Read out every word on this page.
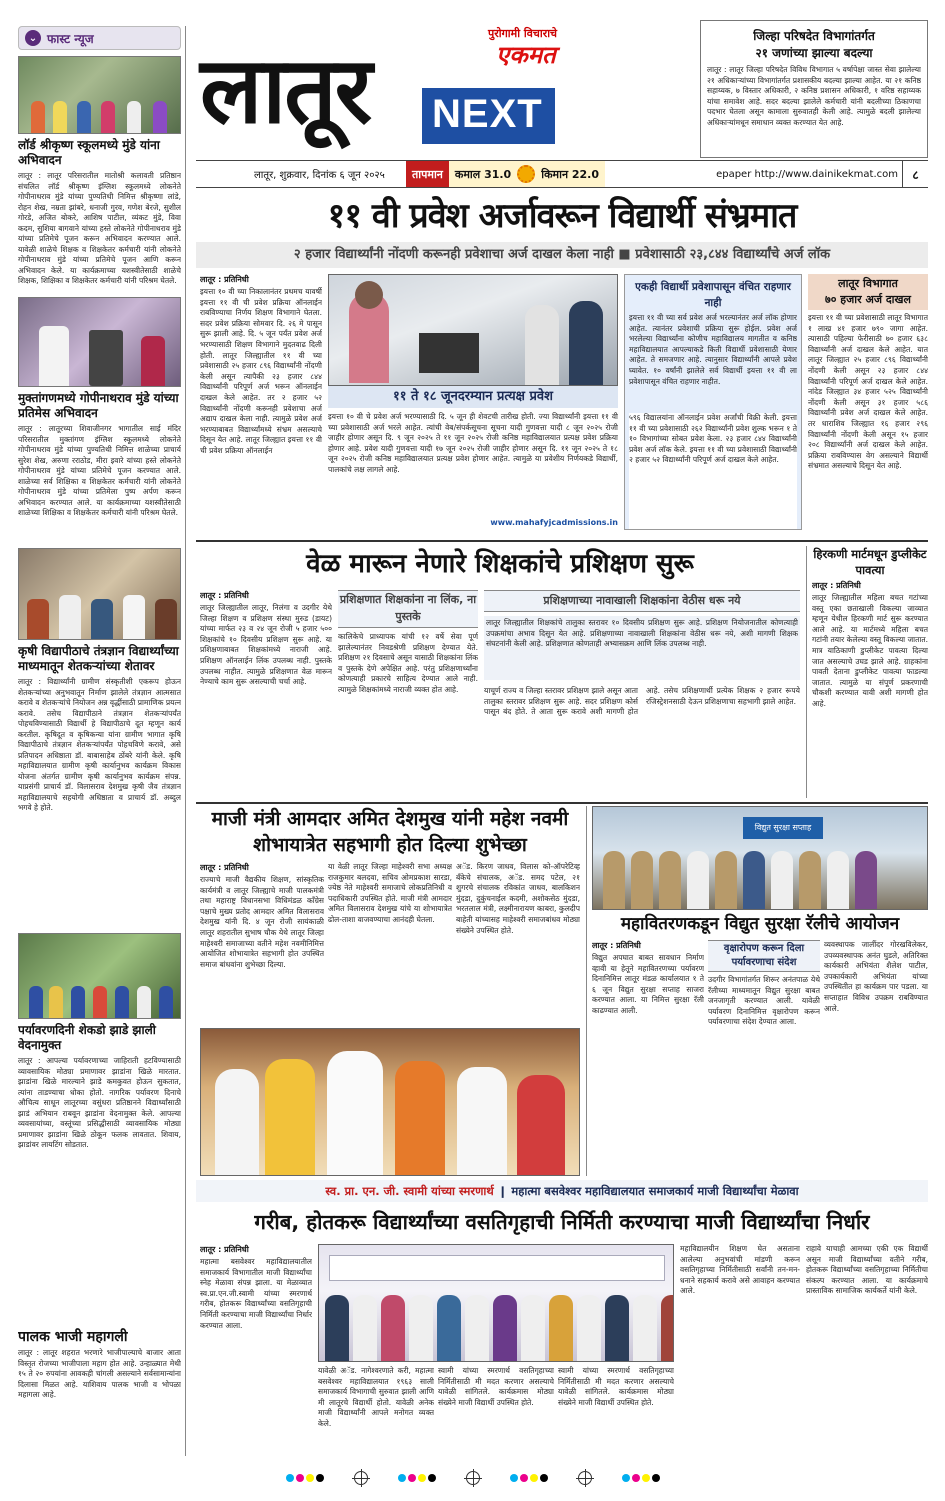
⌄ फास्ट न्यूज
लॉर्ड श्रीकृष्ण स्कूलमध्ये मुंडे यांना अभिवादन
लातूर : लातूर परिसरातील मातोश्री कलावती प्रतिष्ठान संचलित लॉर्ड श्रीकृष्ण इंग्लिश स्कूलमध्ये लोकनेते गोपीनाथराव मुंडे यांच्या पुण्यतिथी निमित्त श्रीकृष्णा लांडे, रोहन शेख, नम्रता झांबरे, धनाजी गुरव, गणेश बेरजे, सुशील गोरडे, अजित बोकरे, आशिष पाटील, व्यंकट मुंडे, विवा कदम, सुशिया बागवाने यांच्या हस्ते लोकनेते गोपीनाथराव मुंडे यांच्या प्रतिमेचे पूजन करून अभिवादन करण्यात आले. यावेळी शाळेचे शिक्षक व शिक्षकेतर कर्मचारी यांनी लोकनेते गोपीनाथराव मुंडे यांच्या प्रतिमेचे पूजन आणि करून अभिवादन केले. या कार्यक्रमाच्या यशस्वीतेसाठी शाळेचे शिक्षक, शिक्षिका व शिक्षकेतर कर्मचारी यांनी परिश्रम घेतले.
मुक्तांगणमध्ये गोपीनाथराव मुंडे यांच्या प्रतिमेस अभिवादन
लातूर : लातूरच्या शिवाजीनगर भागातील साई मंदिर परिसरातील मुक्तांगण इंग्लिश स्कूलमध्ये लोकनेते गोपीनाथराव मुंडे यांच्या पुण्यतिथी निमित्त शाळेच्या प्राचार्य सुरेश शेख, अरुणा रराठोड, मीरा इवारे यांच्या हस्ते लोकनेते गोपीनाथराव मुंडे यांच्या प्रतिमेचे पूजन करण्यात आले. शाळेच्या सर्व शिक्षिका व शिक्षकेतर कर्मचारी यांनी लोकनेते गोपीनाथराव मुंडे यांच्या प्रतिमेला पुष्प अर्पण करून अभिवादन करण्यात आले. या कार्यक्रमाच्या यशस्वीतेसाठी शाळेच्या शिक्षिका व शिक्षकेतर कर्मचारी यांनी परिश्रम घेतले.
कृषी विद्यापीठाचे तंत्रज्ञान विद्यार्थ्यांच्या माध्यमातून शेतकऱ्यांच्या शेतावर
लातूर : विद्यार्थ्यांनी ग्रामीण संस्कृतीशी एकरूप होऊन शेतकऱ्यांच्या अनुभवातून निर्माण झालेले तंत्रज्ञान आत्मसात करावे व शेतकऱ्यांचे नियोजन अन्न वृद्धींसाठी प्रामाणिक प्रयत्न करावे. तसेच विद्यापीठाने तंत्रज्ञान शेतकऱ्यांपर्यंत पोहचविण्यासाठी विद्यार्थी हे विद्यापीठाचे दूत म्हणून कार्य करतील. कृषिदूत व कृषिकन्या यांना ग्रामीण भागात कृषि विद्यापीठाचे तंत्रज्ञान शेतकऱ्यांपर्यंत पोहचविणे करावे, असे प्रतिपादन अधिष्ठाता डॉ. बाबासाहेब ठोंबरे यांनी केले. कृषि महाविद्यालयात ग्रामीण कृषी कार्यानुभव कार्यक्रम विकास योजना अंतर्गत ग्रामीण कृषी कार्यानुभव कार्यक्रम संपन्न. याप्रसंगी प्राचार्य डॉ. विलासराव देशमुख कृषी जैव तंत्रज्ञान महाविद्यालयाचे सहयोगी अधिष्ठाता व प्राचार्य डॉ. अब्दुल भगवे हे होते.
पर्यावरणदिनी शेकडो झाडे झाली वेदनामुक्त
लातूर : आपल्या पर्यावरणाच्या जाहिराती हटविण्यासाठी व्यावसायिक मोठ्या प्रमाणावर झाडांना खिळे मारतात. झाडांना खिळे मारल्याने झाडे कमकुवत होऊन सुकतात, त्यांना ताडण्याचा धोका होतो. नागरिक पर्यावरण दिनाचे औचित्य साधून लातूरच्या वसुंधरा प्रतिष्ठानने विद्यार्थ्यांसाठी झाडं अभियान राबवून झाडांना वेदनामुक्त केले. आपल्या व्यवसायांच्या, वस्तूंच्या प्रसिद्धीसाठी व्यावसायिक मोठ्या प्रमाणावर झाडांना खिळे ठोकून फलक लावतात. शिवाय, झाडांवर लायटिंग सोडतात.
पालक भाजी महागली
लातूर : लातूर शहरात भरणारे भाजीपाल्याचे बाजार आता विस्तृत रोजच्या भाजीपाला महाग होत आहे. उन्हाळ्यात मेथी १५ ते २० रुपयांना आवकही चांगली असल्याने सर्वसामान्यांना दिलासा मिळत आहे. याशिवाय पालक भाजी व भोपळा महागला आहे.
लातूर NEXT
पुरोगामी विचाराचे
एकमत
जिल्हा परिषदेत विभागांतर्गत
२१ जणांच्या झाल्या बदल्या
लातूर : लातूर जिल्हा परिषदेत विविध विभागात ५ वर्षापेक्षा जास्त सेवा झालेल्या २१ अधिकाऱ्यांच्या विभागांतर्गत प्रशासकीय बदल्या झाल्या आहेत. या २१ कनिष्ठ सहाय्यक, ७ विस्तार अधिकारी, २ कनिष्ठ प्रशासन अधिकारी, १ वरिष्ठ सहाय्यक यांचा समावेश आहे. सदर बदल्या झालेले कर्मचारी यांनी बदलीच्या ठिकाणचा पदभार घेतला असून कामाला सुरुवातही केली आहे. त्यामुळे बदली झालेल्या अधिकाऱ्यांमधून समाधान व्यक्त करण्यात येत आहे.
लातूर, शुक्रवार, दिनांक ६ जून २०२५	तापमान	कमाल 31.0	किमान 22.0	epaper http://www.dainikekmat.com	८
११ वी प्रवेश अर्जावरून विद्यार्थी संभ्रमात
२ हजार विद्यार्थ्यांनी नोंदणी करूनही प्रवेशाचा अर्ज दाखल केला नाही ■ प्रवेशासाठी २३,८४४ विद्यार्थ्यांचे अर्ज लॉक
लातूर : प्रतिनिधी
इयत्ता १० वी च्या निकालानंतर प्रथमच यावर्षी इयत्ता ११ वी ची प्रवेश प्रक्रिया ऑनलाईन राबविण्याचा निर्णय शिक्षण विभागाने घेतला. सदर प्रवेश प्रक्रिया सोमवार दि. २६ मे पासून सुरू झाली आहे. दि. ५ जून पर्यंत प्रवेश अर्ज भरण्यासाठी शिक्षण विभागाने मुदतवाढ दिली होती. लातूर जिल्ह्यातील ११ वी च्या प्रवेशासाठी २५ हजार ८९६ विद्यार्थ्यांनी नोंदणी केली असून त्यापैकी २३ हजार ८४४ विद्यार्थ्यांनी परिपूर्ण अर्ज भरून ऑनलाईन दाखल केले आहेत. तर २ हजार ५२ विद्यार्थ्यांनी नोंदणी करूनही प्रवेशाचा अर्ज अद्याप दाखल केला नाही. त्यामुळे प्रवेश अर्ज भरण्याबाबत विद्यार्थ्यांमध्ये संभ्रम असल्याचे दिसून येत आहे. लातूर जिल्ह्यात इयत्ता ११ वी ची प्रवेश प्रक्रिया ऑनलाईन
११ ते १८ जूनदरम्यान प्रत्यक्ष प्रवेश
इयत्ता १० वी चे प्रवेश अर्ज भरण्यासाठी दि. ५ जून ही शेवटची तारीख होती. ज्या विद्यार्थ्यांनी इयत्ता ११ वी च्या प्रवेशासाठी अर्ज भरले आहेत. त्यांची वेब/संपर्कसूचना सूचना यादी गुणवत्ता यादी ८ जून २०२५ रोजी जाहीर होणार असून दि. ९ जून २०२५ ते ११ जून २०२५ रोजी कनिष्ठ महाविद्यालयात प्रत्यक्ष प्रवेश प्रक्रिया होणार आहे. प्रवेश यादी गुणवत्ता यादी १७ जून २०२५ रोजी जाहीर होणार असून दि. ११ जून २०२५ ते १८ जून २०२५ रोजी कनिष्ठ महाविद्यालयात प्रत्यक्ष प्रवेश होणार आहेत. त्यामुळे या प्रवेशीय निर्णयकडे विद्यार्थी, पालकांचे लक्ष लागले आहे.
www.mahafyjcadmissions.in
एकही विद्यार्थी प्रवेशापासून वंचित राहणार नाही
इयत्ता ११ वी च्या सर्व प्रवेश अर्ज भरल्यानंतर अर्ज लॉक होणार आहेत. त्यानंतर प्रवेशाची प्रक्रिया सुरू होईल. प्रवेश अर्ज भरलेल्या विद्यार्थ्यांना कोणीच महाविद्यालय मागतीत व कनिष्ठ महाविद्यालयात आपल्याकडे किती विद्यार्थी प्रवेशासाठी येणार आहेत. ते समजणार आहे. त्यानुसार विद्यार्थ्यांनी आपले प्रवेश घ्यावेत. १० वर्षांनी झालेले सर्व विद्यार्थी इयत्ता ११ वी ला प्रवेशापासून वंचित राहणार नाहीत.
५९६ विद्यालयांना ऑनलाईन प्रवेश अर्जांची विक्री केली. इयत्ता ११ वी च्या प्रवेशासाठी २६२ विद्यार्थ्यांनी प्रवेश शुल्क भरून १ ते १० विभागांच्या सोबत प्रवेश केला. २३ हजार ८४४ विद्यार्थ्यांनी प्रवेश अर्ज लॉक केले. इयत्ता ११ वी च्या प्रवेशासाठी विद्यार्थ्यांनी २ हजार ५२ विद्यार्थ्यांनी परिपूर्ण अर्ज दाखल केले आहेत.
लातूर विभागात
७० हजार अर्ज दाखल
इयत्ता ११ वी च्या प्रवेशासाठी लातूर विभागात १ लाख ४१ हजार ७९० जागा आहेत. त्यासाठी पहिल्या फेरीसाठी ७० हजार ६३८ विद्यार्थ्यांनी अर्ज दाखल केले आहेत. यात लातूर जिल्ह्यात २५ हजार ८९६ विद्यार्थ्यांनी नोंदणी केली असून २३ हजार ८४४ विद्यार्थ्यांनी परिपूर्ण अर्ज दाखल केले आहेत. नांदेड जिल्ह्यात ३४ हजार ५२५ विद्यार्थ्यांनी नोंदणी केली असून ३१ हजार ५८६ विद्यार्थ्यांनी प्रवेश अर्ज दाखल केले आहेत. तर धाराशिव जिल्ह्यात १६ हजार २९६ विद्यार्थ्यांनी नोंदणी केली असून १५ हजार २०८ विद्यार्थ्यांनी अर्ज दाखल केले आहेत. प्रक्रिया राबविण्यास वेग असल्याने विद्यार्थी संभ्रमात असल्याचे दिसून येत आहे.
वेळ मारून नेणारे शिक्षकांचे प्रशिक्षण सुरू
लातूर : प्रतिनिधी
लातूर जिल्ह्यातील लातूर, निलंगा व उदगीर येथे जिल्हा शिक्षण व प्रशिक्षण संस्था मुरुड (डायट) यांच्या मार्फत २३ व २४ जून रोजी ५ हजार ५०० शिक्षकांचे १० दिवसीय प्रशिक्षण सुरू आहे. या प्रशिक्षणाबाबत शिक्षकांमध्ये नाराजी आहे. प्रशिक्षण ऑनलाईन लिंक उपलब्ध नाही. पुस्तके उपलब्ध नाहीत. त्यामुळे प्रशिक्षणात वेळ मारून नेण्याचे काम सुरू असल्याची चर्चा आहे.
प्रशिक्षणात शिक्षकांना ना लिंक, ना पुस्तके
कालिकेचे प्राध्यापक यांची १२ वर्षे सेवा पूर्ण झालेल्यानंतर निवडश्रेणी प्रशिक्षण देण्यात येते. प्रशिक्षण २१ दिवसाचे असून यासाठी शिक्षकांना लिंक व पुस्तके देणे अपेक्षित आहे. परंतु प्रशिक्षणार्थ्यांना कोणत्याही प्रकारचे साहित्य देण्यात आले नाही. त्यामुळे शिक्षकांमध्ये नाराजी व्यक्त होत आहे.
प्रशिक्षणाच्या नावाखाली शिक्षकांना वेठीस धरू नये
लातूर जिल्ह्यातील शिक्षकांचे तालुका स्तरावर १० दिवसीय प्रशिक्षण सुरू आहे. प्रशिक्षण नियोजनातील कोणत्याही उपक्रमांचा अभाव दिसून येत आहे. प्रशिक्षणाच्या नावाखाली शिक्षकांना वेठीस धरू नये, अशी मागणी शिक्षक संघटनांनी केली आहे. प्रशिक्षणात कोणताही अभ्यासक्रम आणि लिंक उपलब्ध नाही.
याचूर्ण राज्य व जिल्हा स्तरावर प्रशिक्षण झाले असून आता तालुका स्तरावर प्रशिक्षण सुरू आहे. सदर प्रशिक्षण कोर्स पासून बंद होते. ते आता सुरू करावे अशी मागणी होत आहे. तसेच प्रशिक्षणार्थी प्रत्येक शिक्षक २ हजार रूपये रजिस्ट्रेशनसाठी देऊन प्रशिक्षणाचा सहभागी झाले आहेत.
हिरकणी मार्टमधून डुप्लीकेट पावत्या
लातूर : प्रतिनिधी
लातूर जिल्ह्यातील महिला बचत गटांच्या वस्तू एका छताखाली विकल्या जाव्यात म्हणून येथील हिरकणी मार्ट सुरू करण्यात आले आहे. या मार्टमध्ये महिला बचत गटांनी तयार केलेल्या वस्तू विकल्या जातात. मात्र याठिकाणी डुप्लीकेट पावत्या दिल्या जात असल्याचे उघड झाले आहे. ग्राहकांना पावती देताना डुप्लीकेट पावत्या फाडल्या जातात. त्यामुळे या संपूर्ण प्रकरणाची चौकशी करण्यात यावी अशी मागणी होत आहे.
माजी मंत्री आमदार अमित देशमुख यांनी महेश नवमी शोभायात्रेत सहभागी होत दिल्या शुभेच्छा
लातूर : प्रतिनिधी
राज्याचे माजी वैद्यकीय शिक्षण, सांस्कृतिक कार्यमंत्री व लातूर जिल्ह्याचे माजी पालकमंत्री तथा महाराष्ट्र विधानसभा विधिमंडळ काँग्रेस पक्षाचे मुख्य प्रतोद आमदार अमित विलासराव देशमुख यांनी दि. ४ जून रोजी सायंकाळी लातूर शहरातील सुभाष चौक येथे लातूर जिल्हा माहेश्वरी समाजाच्या वतीने महेश नवमीनिमित्त आयोजित शोभायात्रेत सहभागी होत उपस्थित समाज बांधवांना शुभेच्छा दिल्या.
या वेळी लातूर जिल्हा माहेश्वरी सभा अध्यक्ष राजकुमार बलदवा, सचिव ओमप्रकाश सारडा, ज्येष्ठ नेते माहेश्वरी समाजाचे लोकप्रतिनिधी व पदाधिकारी उपस्थित होते. माजी मंत्री आमदार अमित विलासराव देशमुख यांचे या शोभायात्रेत ढोल-ताशा वाजवण्याचा आनंदही घेतला.
अॅड. किरण जाधव, विलास को-ऑपरेटिव्ह बँकेचे संचालक, अॅड. समद पटेल, २१ शुगरचे संचालक रविकांत जाधव, बालकिशन मुंदडा, दुकुंचनाईल कदमी, अशोकसेठ मुंदडा, भरतलाल मंत्री, लक्ष्मीनारायण काबरा, कुलदीप बाहेती यांच्यासह माहेश्वरी समाजबांधव मोठ्या संख्येने उपस्थित होते.
विद्युत सुरक्षा सप्ताह
महावितरणकडून विद्युत सुरक्षा रॅलीचे आयोजन
लातूर : प्रतिनिधी
विद्युत अपघात बाबत सावधान निर्माण व्हावी या हेतूने महावितरणच्या पर्यावरण दिनानिमित्त लातूर मंडळ कार्यालयात १ ते ६ जून विद्युत सुरक्षा सप्ताह साजरा करण्यात आला. या निमित्त सुरक्षा रॅली काढण्यात आली.
वृक्षारोपण करून दिला पर्यावरणाचा संदेश
उदगीर विभागांतर्गत शिरूर अनंतपाळ येथे रॅलीच्या माध्यमातून विद्युत सुरक्षा बाबत जनजागृती करण्यात आली. यावेळी पर्यावरण दिनानिमित्त वृक्षारोपण करून पर्यावरणाचा संदेश देण्यात आला.
व्यवस्थापक जालींदर गोरखविलेकर, उपव्यवस्थापक अनंत घुडले, अतिरिक्त कार्यकारी अभियंता शैलेश पाटील, उपकार्यकारी अभियंता यांच्या उपस्थितीत हा कार्यक्रम पार पडला. या सप्ताहात विविध उपक्रम राबविण्यात आले.
स्व. प्रा. एन. जी. स्वामी यांच्या स्मरणार्थ ❙ महात्मा बसवेश्वर महाविद्यालयात समाजकार्य माजी विद्यार्थ्यांचा मेळावा
गरीब, होतकरू विद्यार्थ्यांच्या वसतिगृहाची निर्मिती करण्याचा माजी विद्यार्थ्यांचा निर्धार
लातूर : प्रतिनिधी
महात्मा बसवेश्वर महाविद्यालयातील समाजकार्य विभागातील माजी विद्यार्थ्यांचा स्नेह मेळावा संपन्न झाला. या मेळाव्यात स्व.प्रा.एन.जी.स्वामी यांच्या स्मरणार्थ गरीब, होतकरू विद्यार्थ्यांच्या वसतिगृहाची निर्मिती करण्याचा माजी विद्यार्थ्यांचा निर्धार करण्यात आला.
यावेळी अॅड. नागेश्वरणाते करी, महात्मा बसवेश्वर महाविद्यालयात १९६३ साली समाजकार्य विभागाची सुरुवात झाली आणि मी लातूरचे विद्यार्थी होतो. यावेळी अनेक माजी विद्यार्थ्यांनी आपले मनोगत व्यक्त केले.
स्वामी यांच्या स्मरणार्थ वसतिगृहाच्या निर्मितीसाठी मी मदत करणार असल्याचे यावेळी सांगितले. कार्यक्रमास मोठ्या संख्येने माजी विद्यार्थी उपस्थित होते.
स्वामी यांच्या स्मरणार्थ वसतिगृहाच्या निर्मितीसाठी मी मदत करणार असल्याचे यावेळी सांगितले. कार्यक्रमास मोठ्या संख्येने माजी विद्यार्थी उपस्थित होते.
महाविद्यालयीन शिक्षण घेत असताना आलेल्या अनुभवांची मांडणी करून वसतिगृहाच्या निर्मितीसाठी सर्वांनी तन-मन-धनाने सहकार्य करावे असे आवाहन करण्यात आले.
राहावे याचाही आमच्या एकी एक विद्यार्थी असून माजी विद्यार्थ्यांच्या वतीने गरीब, होतकरू विद्यार्थ्यांच्या वसतिगृहाच्या निर्मितीचा संकल्प करण्यात आला. या कार्यक्रमाचे प्रास्ताविक सामाजिक कार्यकर्ते यांनी केले.
